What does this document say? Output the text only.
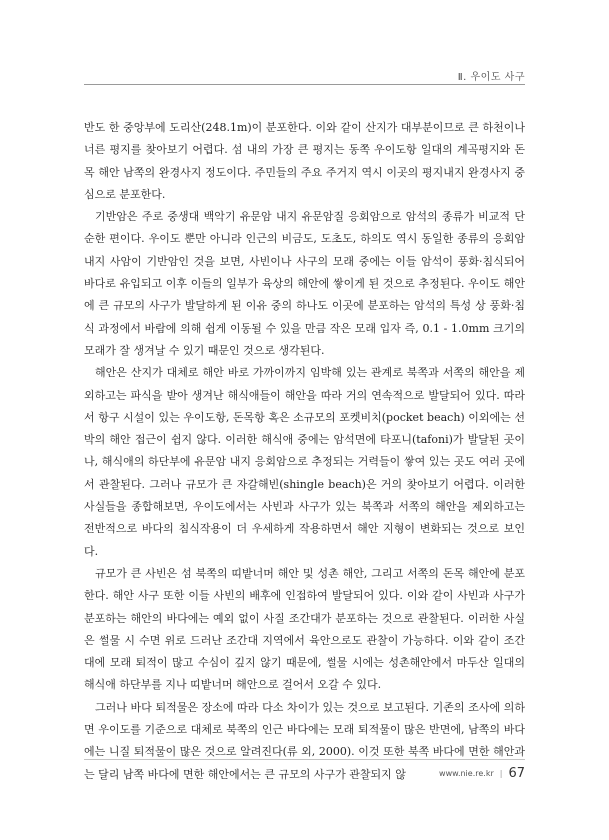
Ⅱ. 우이도 사구

반도 한 중앙부에 도리산(248.1m)이 분포한다. 이와 같이 산지가 대부분이므로 큰 하천이나 너른 평지를 찾아보기 어렵다. 섬 내의 가장 큰 평지는 동쪽 우이도항 일대의 계곡평지와 돈목 해안 남쪽의 완경사지 정도이다. 주민들의 주요 주거지 역시 이곳의 평지내지 완경사지 중심으로 분포한다.

기반암은 주로 중생대 백악기 유문암 내지 유문암질 응회암으로 암석의 종류가 비교적 단순한 편이다. 우이도 뿐만 아니라 인근의 비금도, 도초도, 하의도 역시 동일한 종류의 응회암 내지 사암이 기반암인 것을 보면, 사빈이나 사구의 모래 중에는 이들 암석이 풍화·침식되어 바다로 유입되고 이후 이들의 일부가 육상의 해안에 쌓이게 된 것으로 추정된다. 우이도 해안에 큰 규모의 사구가 발달하게 된 이유 중의 하나도 이곳에 분포하는 암석의 특성 상 풍화·침식 과정에서 바람에 의해 쉽게 이동될 수 있을 만큼 작은 모래 입자 즉, 0.1 - 1.0mm 크기의 모래가 잘 생겨날 수 있기 때문인 것으로 생각된다.

해안은 산지가 대체로 해안 바로 가까이까지 임박해 있는 관계로 북쪽과 서쪽의 해안을 제외하고는 파식을 받아 생겨난 해식애들이 해안을 따라 거의 연속적으로 발달되어 있다. 따라서 항구 시설이 있는 우이도항, 돈목항 혹은 소규모의 포켓비치(pocket beach) 이외에는 선박의 해안 접근이 쉽지 않다. 이러한 해식애 중에는 암석면에 타포니(tafoni)가 발달된 곳이나, 해식애의 하단부에 유문암 내지 응회암으로 추정되는 거력들이 쌓여 있는 곳도 여러 곳에서 관찰된다. 그러나 규모가 큰 자갈해빈(shingle beach)은 거의 찾아보기 어렵다. 이러한 사실들을 종합해보면, 우이도에서는 사빈과 사구가 있는 북쪽과 서쪽의 해안을 제외하고는 전반적으로 바다의 침식작용이 더 우세하게 작용하면서 해안 지형이 변화되는 것으로 보인다.

규모가 큰 사빈은 섬 북쪽의 띠밭너머 해안 및 성촌 해안, 그리고 서쪽의 돈목 해안에 분포한다. 해안 사구 또한 이들 사빈의 배후에 인접하여 발달되어 있다. 이와 같이 사빈과 사구가 분포하는 해안의 바다에는 예외 없이 사질 조간대가 분포하는 것으로 관찰된다. 이러한 사실은 썰물 시 수면 위로 드러난 조간대 지역에서 육안으로도 관찰이 가능하다. 이와 같이 조간대에 모래 퇴적이 많고 수심이 깊지 않기 때문에, 썰물 시에는 성촌해안에서 마두산 일대의 해식애 하단부를 지나 띠밭너머 해안으로 걸어서 오갈 수 있다.

그러나 바다 퇴적물은 장소에 따라 다소 차이가 있는 것으로 보고된다. 기존의 조사에 의하면 우이도를 기준으로 대체로 북쪽의 인근 바다에는 모래 퇴적물이 많은 반면에, 남쪽의 바다에는 니질 퇴적물이 많은 것으로 알려진다(류 외, 2000). 이것 또한 북쪽 바다에 면한 해안과는 달리 남쪽 바다에 면한 해안에서는 큰 규모의 사구가 관찰되지 않	www.nie.re.kr | 67
